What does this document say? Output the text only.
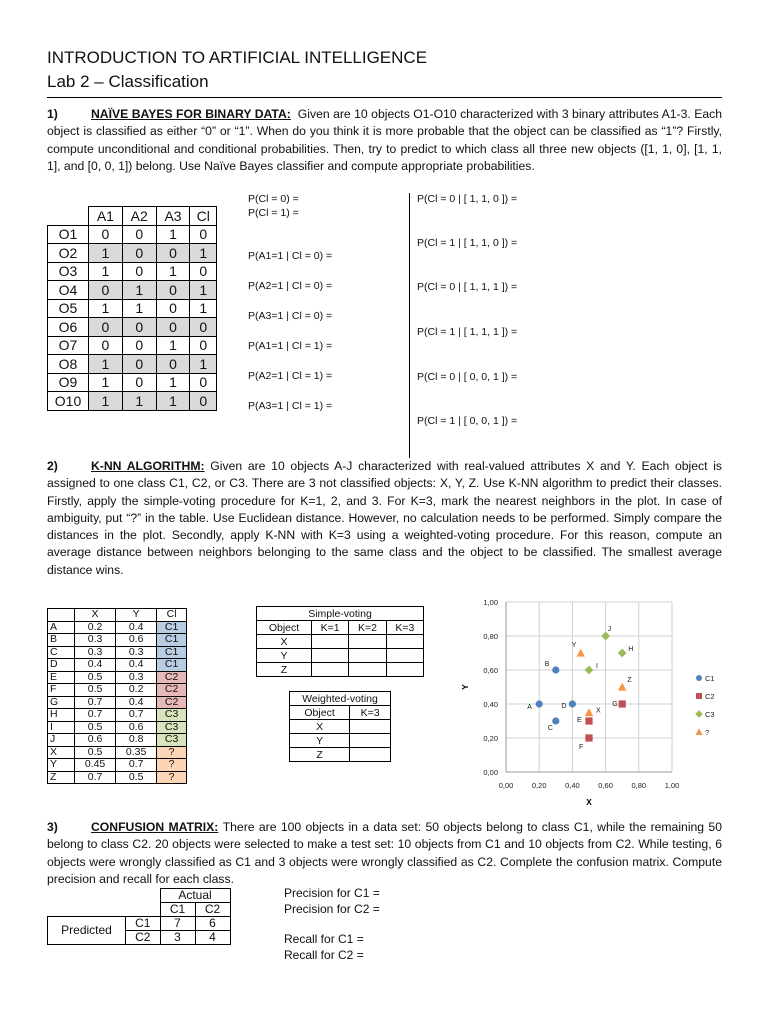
INTRODUCTION TO ARTIFICIAL INTELLIGENCE
Lab 2 – Classification
1)	NAÏVE BAYES FOR BINARY DATA: Given are 10 objects O1-O10 characterized with 3 binary attributes A1-3. Each object is classified as either “0” or “1”. When do you think it is more probable that the object can be classified as “1”? Firstly, compute unconditional and conditional probabilities. Then, try to predict to which class all three new objects ([1, 1, 0], [1, 1, 1], and [0, 0, 1]) belong. Use Naïve Bayes classifier and compute appropriate probabilities.
	A1	A2	A3	Cl
O1	0	0	1	0
O2	1	0	0	1
O3	1	0	1	0
O4	0	1	0	1
O5	1	1	0	1
O6	0	0	0	0
O7	0	0	1	0
O8	1	0	0	1
O9	1	0	1	0
O10	1	1	1	0
P(Cl = 0) =
P(Cl = 1) =
P(A1=1 | Cl = 0) =
P(A2=1 | Cl = 0) =
P(A3=1 | Cl = 0) =
P(A1=1 | Cl = 1) =
P(A2=1 | Cl = 1) =
P(A3=1 | Cl = 1) =
P(Cl = 0 | [ 1, 1, 0 ]) =
P(Cl = 1 | [ 1, 1, 0 ]) =
P(Cl = 0 | [ 1, 1, 1 ]) =
P(Cl = 1 | [ 1, 1, 1 ]) =
P(Cl = 0 | [ 0, 0, 1 ]) =
P(Cl = 1 | [ 0, 0, 1 ]) =
2)	K-NN ALGORITHM: Given are 10 objects A-J characterized with real-valued attributes X and Y. Each object is assigned to one class C1, C2, or C3. There are 3 not classified objects: X, Y, Z. Use K-NN algorithm to predict their classes. Firstly, apply the simple-voting procedure for K=1, 2, and 3. For K=3, mark the nearest neighbors in the plot. In case of ambiguity, put “?” in the table. Use Euclidean distance. However, no calculation needs to be performed. Simply compare the distances in the plot. Secondly, apply K-NN with K=3 using a weighted-voting procedure. For this reason, compute an average distance between neighbors belonging to the same class and the object to be classified. The smallest average distance wins.
	X	Y	Cl
A	0.2	0.4	C1
B	0.3	0.6	C1
C	0.3	0.3	C1
D	0.4	0.4	C1
E	0.5	0.3	C2
F	0.5	0.2	C2
G	0.7	0.4	C2
H	0.7	0.7	C3
I	0.5	0.6	C3
J	0.6	0.8	C3
X	0.5	0.35	?
Y	0.45	0.7	?
Z	0.7	0.5	?
Simple-voting			
Object	K=1	K=2	K=3
X			
Y			
Z			
Weighted-voting	
Object	K=3
X	
Y	
Z	
0,00 0,20 0,40 0,60 0,80 1,00
0,00
0,20
0,40
0,60
0,80
1,00
X
Y
A
B
C
D
E
F
G
H
I
J
X
Y
Z	C1
C2
C3
?
3)	CONFUSION MATRIX: There are 100 objects in a data set: 50 objects belong to class C1, while the remaining 50 belong to class C2. 20 objects were selected to make a test set: 10 objects from C1 and 10 objects from C2. While testing, 6 objects were wrongly classified as C1 and 3 objects were wrongly classified as C2. Complete the confusion matrix. Compute precision and recall for each class.
		Actual	
		C1	C2
Predicted	C1	7	6
	C2	3	4
Precision for C1 =
Precision for C2 =
Recall for C1 =
Recall for C2 =
